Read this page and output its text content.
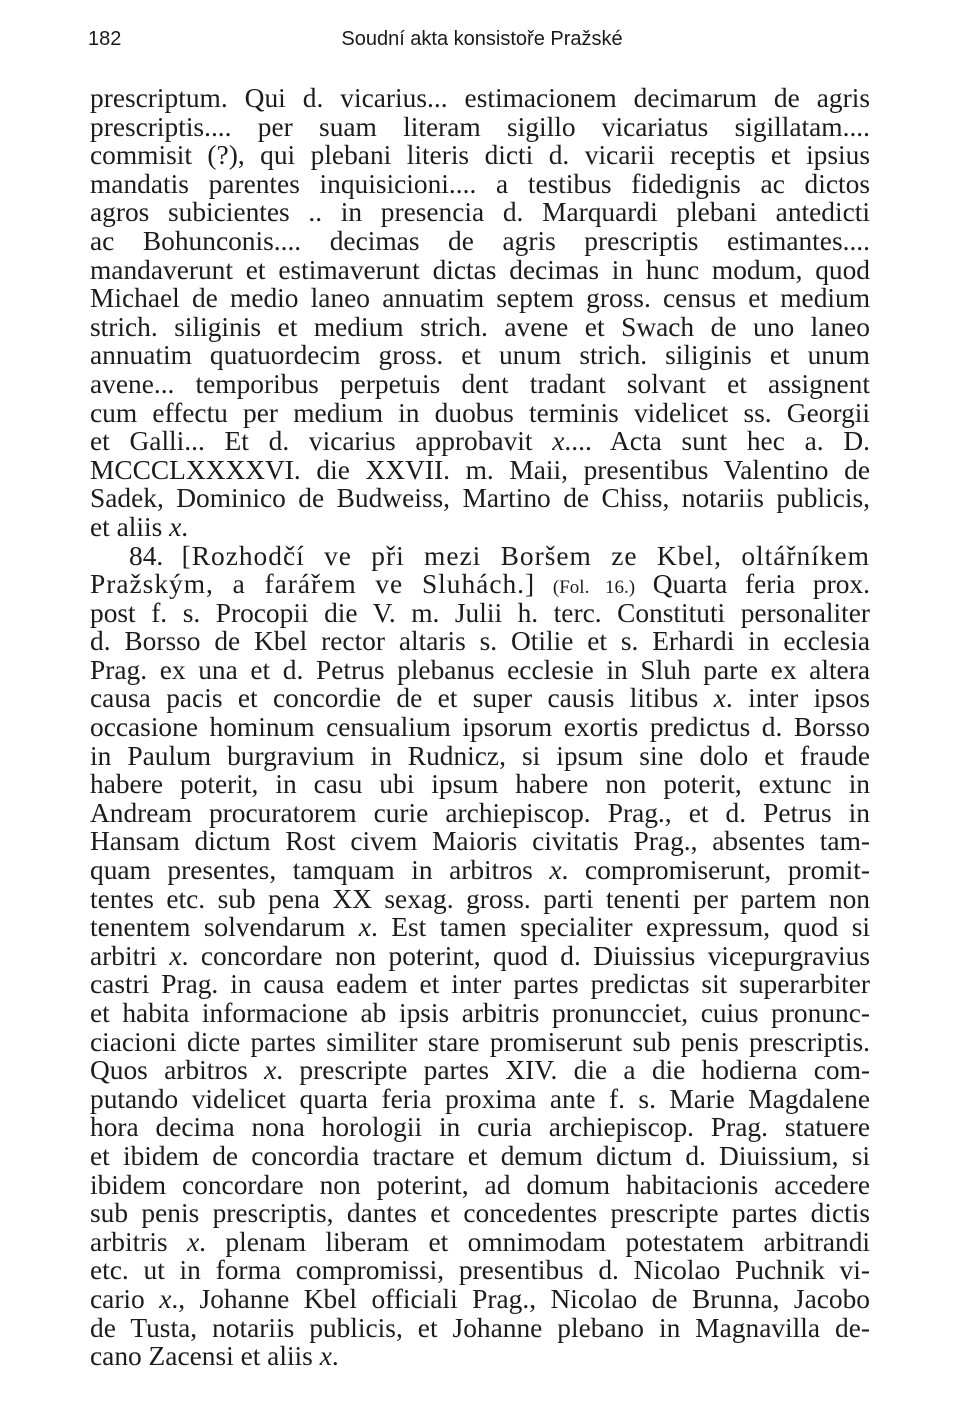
182	Soudní akta konsistoře Pražské
prescriptum. Qui d. vicarius... estimacionem decimarum de agris
prescriptis.... per suam literam sigillo vicariatus sigillatam....
commisit (?), qui plebani literis dicti d. vicarii receptis et ipsius
mandatis parentes inquisicioni.... a testibus fidedignis ac dictos
agros subicientes .. in presencia d. Marquardi plebani antedicti
ac Bohunconis.... decimas de agris prescriptis estimantes....
mandaverunt et estimaverunt dictas decimas in hunc modum, quod
Michael de medio laneo annuatim septem gross. census et medium
strich. siliginis et medium strich. avene et Swach de uno laneo
annuatim quatuordecim gross. et unum strich. siliginis et unum
avene... temporibus perpetuis dent tradant solvant et assignent
cum effectu per medium in duobus terminis videlicet ss. Georgii
et Galli... Et d. vicarius approbavit x.... Acta sunt hec a. D.
MCCCLXXXXVI. die XXVII. m. Maii, presentibus Valentino de
Sadek, Dominico de Budweiss, Martino de Chiss, notariis publicis,
et aliis x.
84. [Rozhodčí ve při mezi Boršem ze Kbel, oltářníkem
Pražským, a farářem ve Sluhách.] (Fol. 16.) Quarta feria prox.
post f. s. Procopii die V. m. Julii h. terc. Constituti personaliter
d. Borsso de Kbel rector altaris s. Otilie et s. Erhardi in ecclesia
Prag. ex una et d. Petrus plebanus ecclesie in Sluh parte ex altera
causa pacis et concordie de et super causis litibus x. inter ipsos
occasione hominum censualium ipsorum exortis predictus d. Borsso
in Paulum burgravium in Rudnicz, si ipsum sine dolo et fraude
habere poterit, in casu ubi ipsum habere non poterit, extunc in
Andream procuratorem curie archiepiscop. Prag., et d. Petrus in
Hansam dictum Rost civem Maioris civitatis Prag., absentes tam-
quam presentes, tamquam in arbitros x. compromiserunt, promit-
tentes etc. sub pena XX sexag. gross. parti tenenti per partem non
tenentem solvendarum x. Est tamen specialiter expressum, quod si
arbitri x. concordare non poterint, quod d. Diuissius vicepurgravius
castri Prag. in causa eadem et inter partes predictas sit superarbiter
et habita informacione ab ipsis arbitris pronuncciet, cuius pronunc-
ciacioni dicte partes similiter stare promiserunt sub penis prescriptis.
Quos arbitros x. prescripte partes XIV. die a die hodierna com-
putando videlicet quarta feria proxima ante f. s. Marie Magdalene
hora decima nona horologii in curia archiepiscop. Prag. statuere
et ibidem de concordia tractare et demum dictum d. Diuissium, si
ibidem concordare non poterint, ad domum habitacionis accedere
sub penis prescriptis, dantes et concedentes prescripte partes dictis
arbitris x. plenam liberam et omnimodam potestatem arbitrandi
etc. ut in forma compromissi, presentibus d. Nicolao Puchnik vi-
cario x., Johanne Kbel officiali Prag., Nicolao de Brunna, Jacobo
de Tusta, notariis publicis, et Johanne plebano in Magnavilla de-
cano Zacensi et aliis x.
